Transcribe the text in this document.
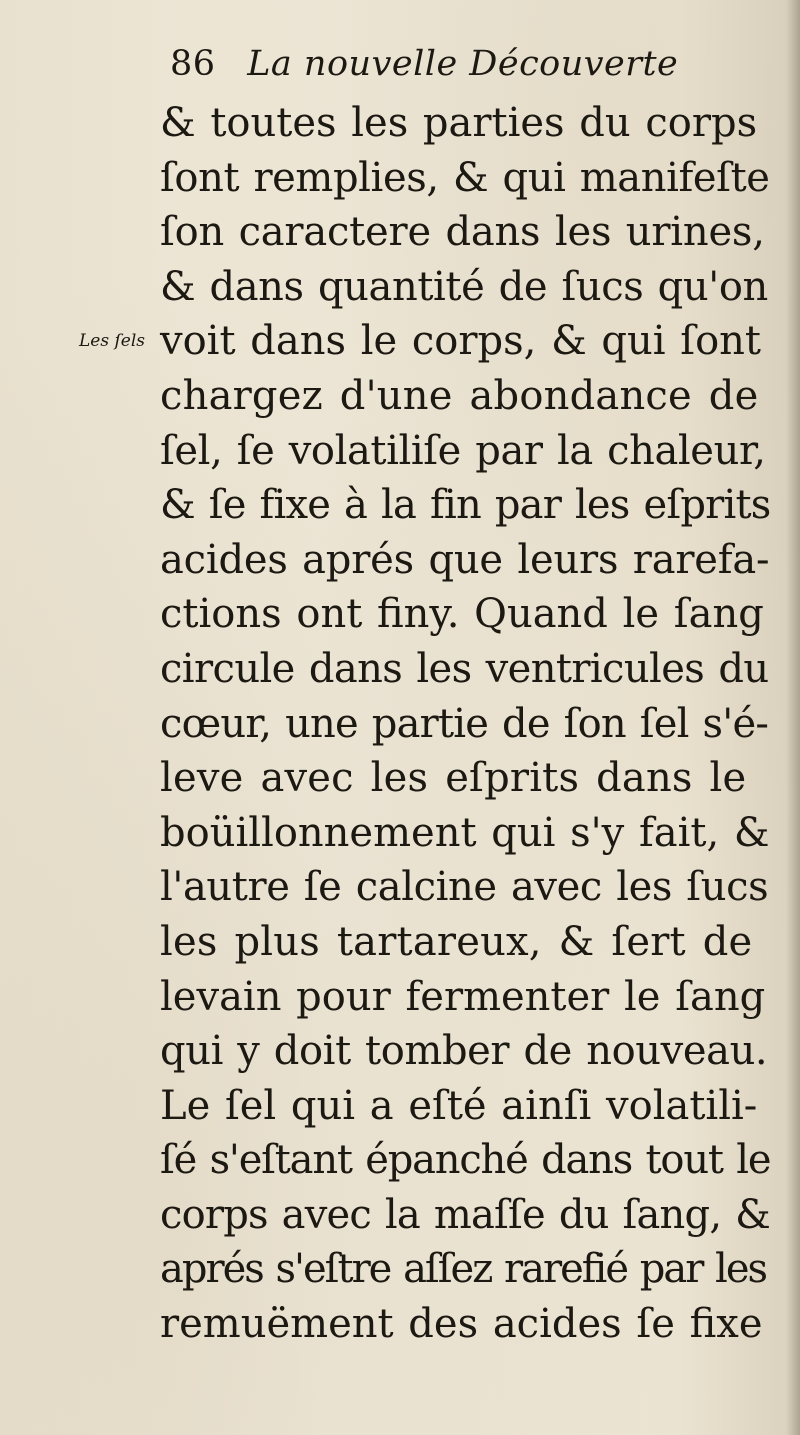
86 La nouvelle Découverte
Les ſels
& toutes les parties du corps
ſont remplies, & qui manifeſte
ſon caractere dans les urines,
& dans quantité de ſucs qu'on
voit dans le corps, & qui ſont
chargez d'une abondance de
ſel, ſe volatiliſe par la chaleur,
& ſe fixe à la fin par les eſprits
acides aprés que leurs rarefa-
ctions ont finy. Quand le ſang
circule dans les ventricules du
cœur, une partie de ſon ſel s'é-
leve avec les eſprits dans le
boüillonnement qui s'y fait, &
l'autre ſe calcine avec les ſucs
les plus tartareux, & ſert de
levain pour fermenter le ſang
qui y doit tomber de nouveau.
Le ſel qui a eſté ainſi volatili-
ſé s'eſtant épanché dans tout le
corps avec la maſſe du ſang, &
aprés s'eſtre aſſez rarefié par les
remuëment des acides ſe fixe
